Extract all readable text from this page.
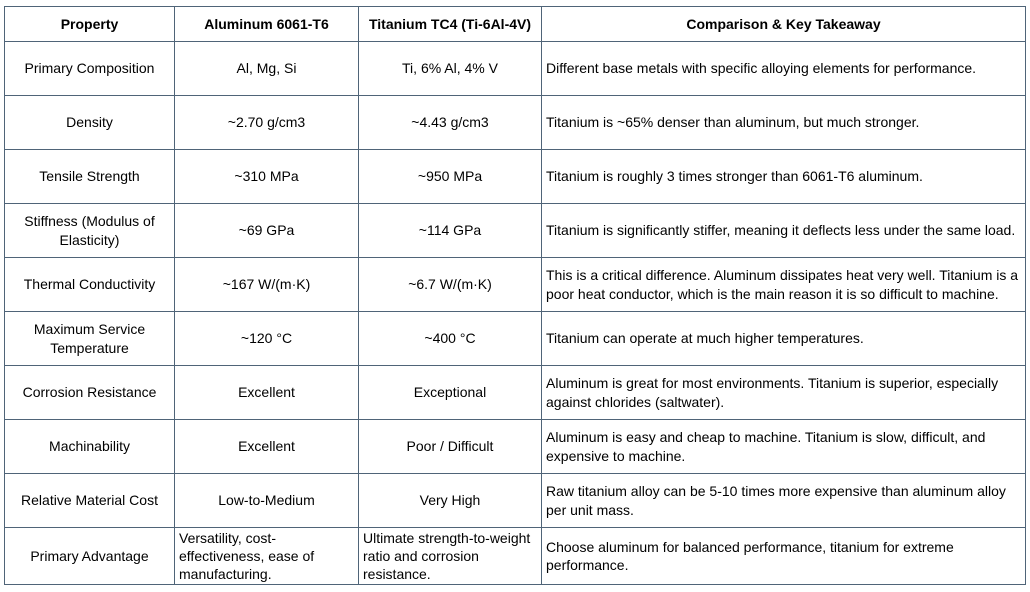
Property	Aluminum 6061-T6	Titanium TC4 (Ti-6Al-4V)	Comparison & Key Takeaway
Primary Composition	Al, Mg, Si	Ti, 6% Al, 4% V	Different base metals with specific alloying elements for performance.
Density	~2.70 g/cm3	~4.43 g/cm3	Titanium is ~65% denser than aluminum, but much stronger.
Tensile Strength	~310 MPa	~950 MPa	Titanium is roughly 3 times stronger than 6061-T6 aluminum.
Stiffness (Modulus of Elasticity)	~69 GPa	~114 GPa	Titanium is significantly stiffer, meaning it deflects less under the same load.
Thermal Conductivity	~167 W/(m·K)	~6.7 W/(m·K)	This is a critical difference. Aluminum dissipates heat very well. Titanium is a poor heat conductor, which is the main reason it is so difficult to machine.
Maximum Service Temperature	~120 °C	~400 °C	Titanium can operate at much higher temperatures.
Corrosion Resistance	Excellent	Exceptional	Aluminum is great for most environments. Titanium is superior, especially against chlorides (saltwater).
Machinability	Excellent	Poor / Difficult	Aluminum is easy and cheap to machine. Titanium is slow, difficult, and expensive to machine.
Relative Material Cost	Low-to-Medium	Very High	Raw titanium alloy can be 5-10 times more expensive than aluminum alloy per unit mass.
Primary Advantage	Versatility, cost-effectiveness, ease of manufacturing.	Ultimate strength-to-weight ratio and corrosion resistance.	Choose aluminum for balanced performance, titanium for extreme performance.
